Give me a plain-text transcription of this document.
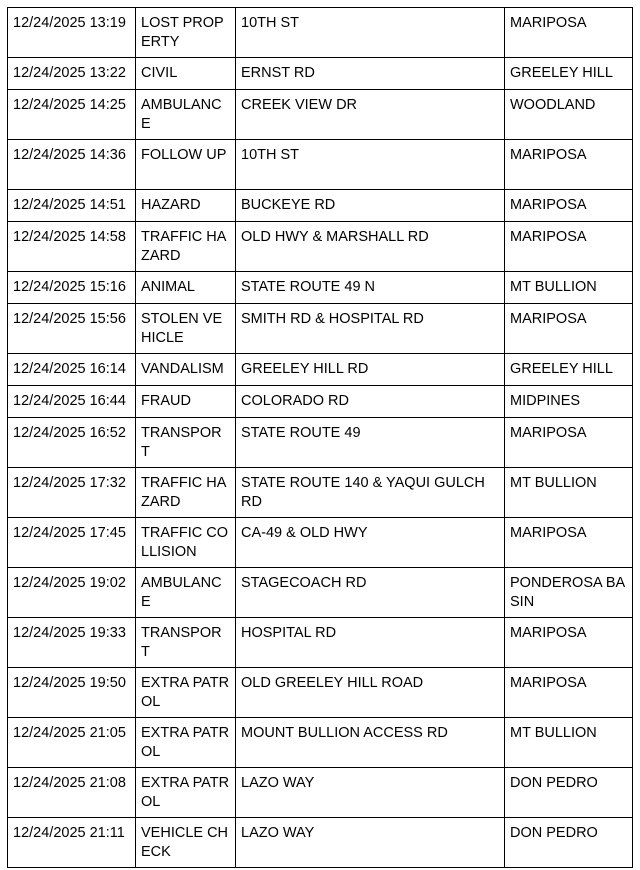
12/24/2025 13:19	LOST PROPERTY	10TH ST	MARIPOSA
12/24/2025 13:22	CIVIL	ERNST RD	GREELEY HILL
12/24/2025 14:25	AMBULANCE	CREEK VIEW DR	WOODLAND
12/24/2025 14:36	FOLLOW UP	10TH ST	MARIPOSA
12/24/2025 14:51	HAZARD	BUCKEYE RD	MARIPOSA
12/24/2025 14:58	TRAFFIC HAZARD	OLD HWY & MARSHALL RD	MARIPOSA
12/24/2025 15:16	ANIMAL	STATE ROUTE 49 N	MT BULLION
12/24/2025 15:56	STOLEN VEHICLE	SMITH RD & HOSPITAL RD	MARIPOSA
12/24/2025 16:14	VANDALISM	GREELEY HILL RD	GREELEY HILL
12/24/2025 16:44	FRAUD	COLORADO RD	MIDPINES
12/24/2025 16:52	TRANSPORT	STATE ROUTE 49	MARIPOSA
12/24/2025 17:32	TRAFFIC HAZARD	STATE ROUTE 140 & YAQUI GULCH RD	MT BULLION
12/24/2025 17:45	TRAFFIC COLLISION	CA-49 & OLD HWY	MARIPOSA
12/24/2025 19:02	AMBULANCE	STAGECOACH RD	PONDEROSA BASIN
12/24/2025 19:33	TRANSPORT	HOSPITAL RD	MARIPOSA
12/24/2025 19:50	EXTRA PATROL	OLD GREELEY HILL ROAD	MARIPOSA
12/24/2025 21:05	EXTRA PATROL	MOUNT BULLION ACCESS RD	MT BULLION
12/24/2025 21:08	EXTRA PATROL	LAZO WAY	DON PEDRO
12/24/2025 21:11	VEHICLE CHECK	LAZO WAY	DON PEDRO
